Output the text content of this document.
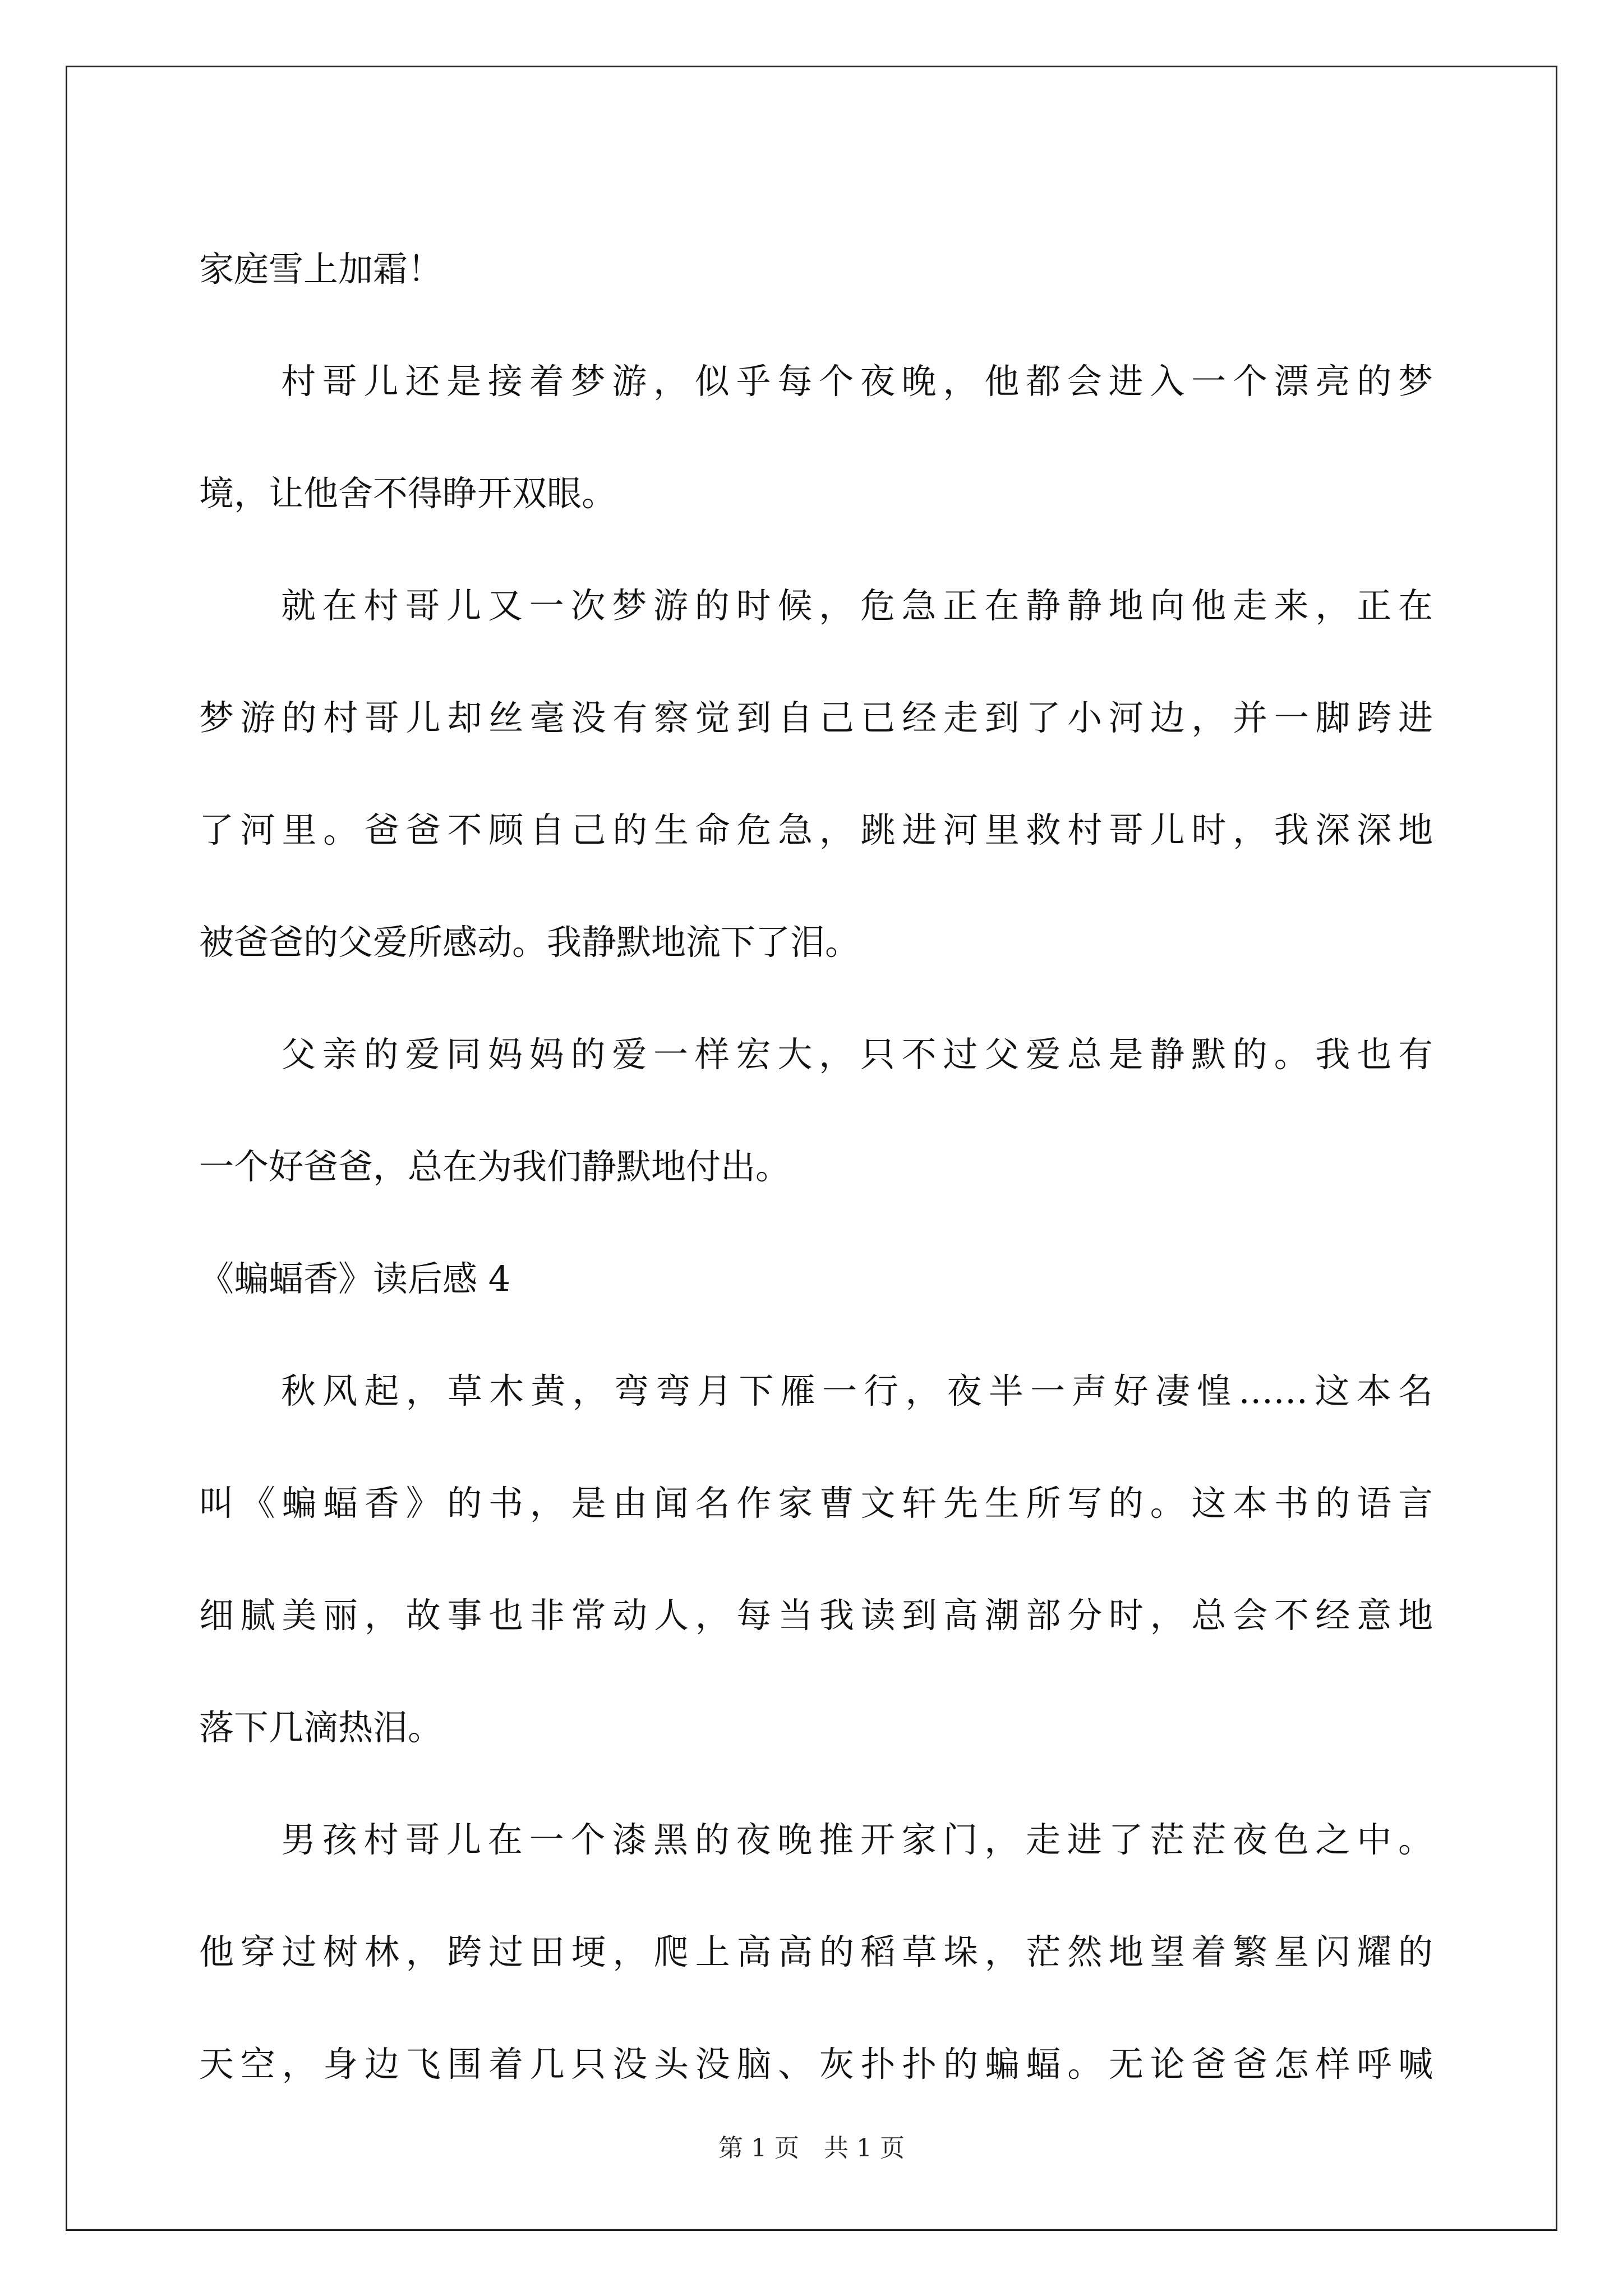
家庭雪上加霜！
村哥儿还是接着梦游，似乎每个夜晚，他都会进入一个漂亮的梦
境，让他舍不得睁开双眼。
就在村哥儿又一次梦游的时候，危急正在静静地向他走来，正在
梦游的村哥儿却丝毫没有察觉到自己已经走到了小河边，并一脚跨进
了河里。爸爸不顾自己的生命危急，跳进河里救村哥儿时，我深深地
被爸爸的父爱所感动。我静默地流下了泪。
父亲的爱同妈妈的爱一样宏大，只不过父爱总是静默的。我也有
一个好爸爸，总在为我们静默地付出。
《蝙蝠香》读后感 4
秋风起，草木黄，弯弯月下雁一行，夜半一声好凄惶……这本名
叫《蝙蝠香》的书，是由闻名作家曹文轩先生所写的。这本书的语言
细腻美丽，故事也非常动人，每当我读到高潮部分时，总会不经意地
落下几滴热泪。
男孩村哥儿在一个漆黑的夜晚推开家门，走进了茫茫夜色之中。
他穿过树林，跨过田埂，爬上高高的稻草垛，茫然地望着繁星闪耀的
天空，身边飞围着几只没头没脑、灰扑扑的蝙蝠。无论爸爸怎样呼喊
第 1 页　共 1 页
